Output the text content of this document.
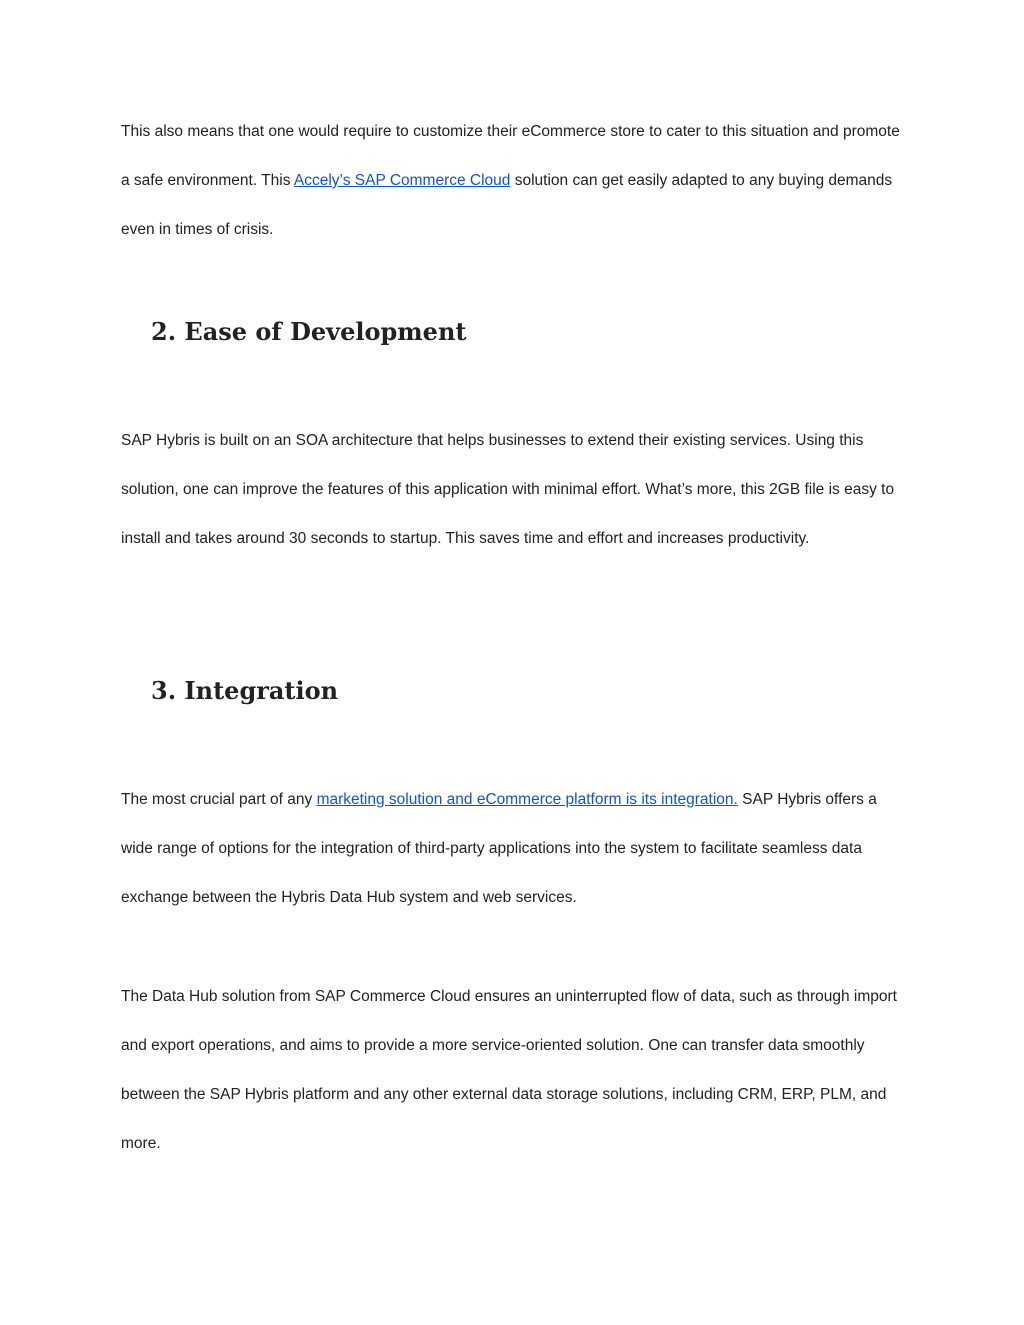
This also means that one would require to customize their eCommerce store to cater to this situation and promote a safe environment. This Accely’s SAP Commerce Cloud solution can get easily adapted to any buying demands even in times of crisis.

2. Ease of Development

SAP Hybris is built on an SOA architecture that helps businesses to extend their existing services. Using this solution, one can improve the features of this application with minimal effort. What’s more, this 2GB file is easy to install and takes around 30 seconds to startup. This saves time and effort and increases productivity.

3. Integration

The most crucial part of any marketing solution and eCommerce platform is its integration. SAP Hybris offers a wide range of options for the integration of third-party applications into the system to facilitate seamless data exchange between the Hybris Data Hub system and web services.

The Data Hub solution from SAP Commerce Cloud ensures an uninterrupted flow of data, such as through import and export operations, and aims to provide a more service-oriented solution. One can transfer data smoothly between the SAP Hybris platform and any other external data storage solutions, including CRM, ERP, PLM, and more.
